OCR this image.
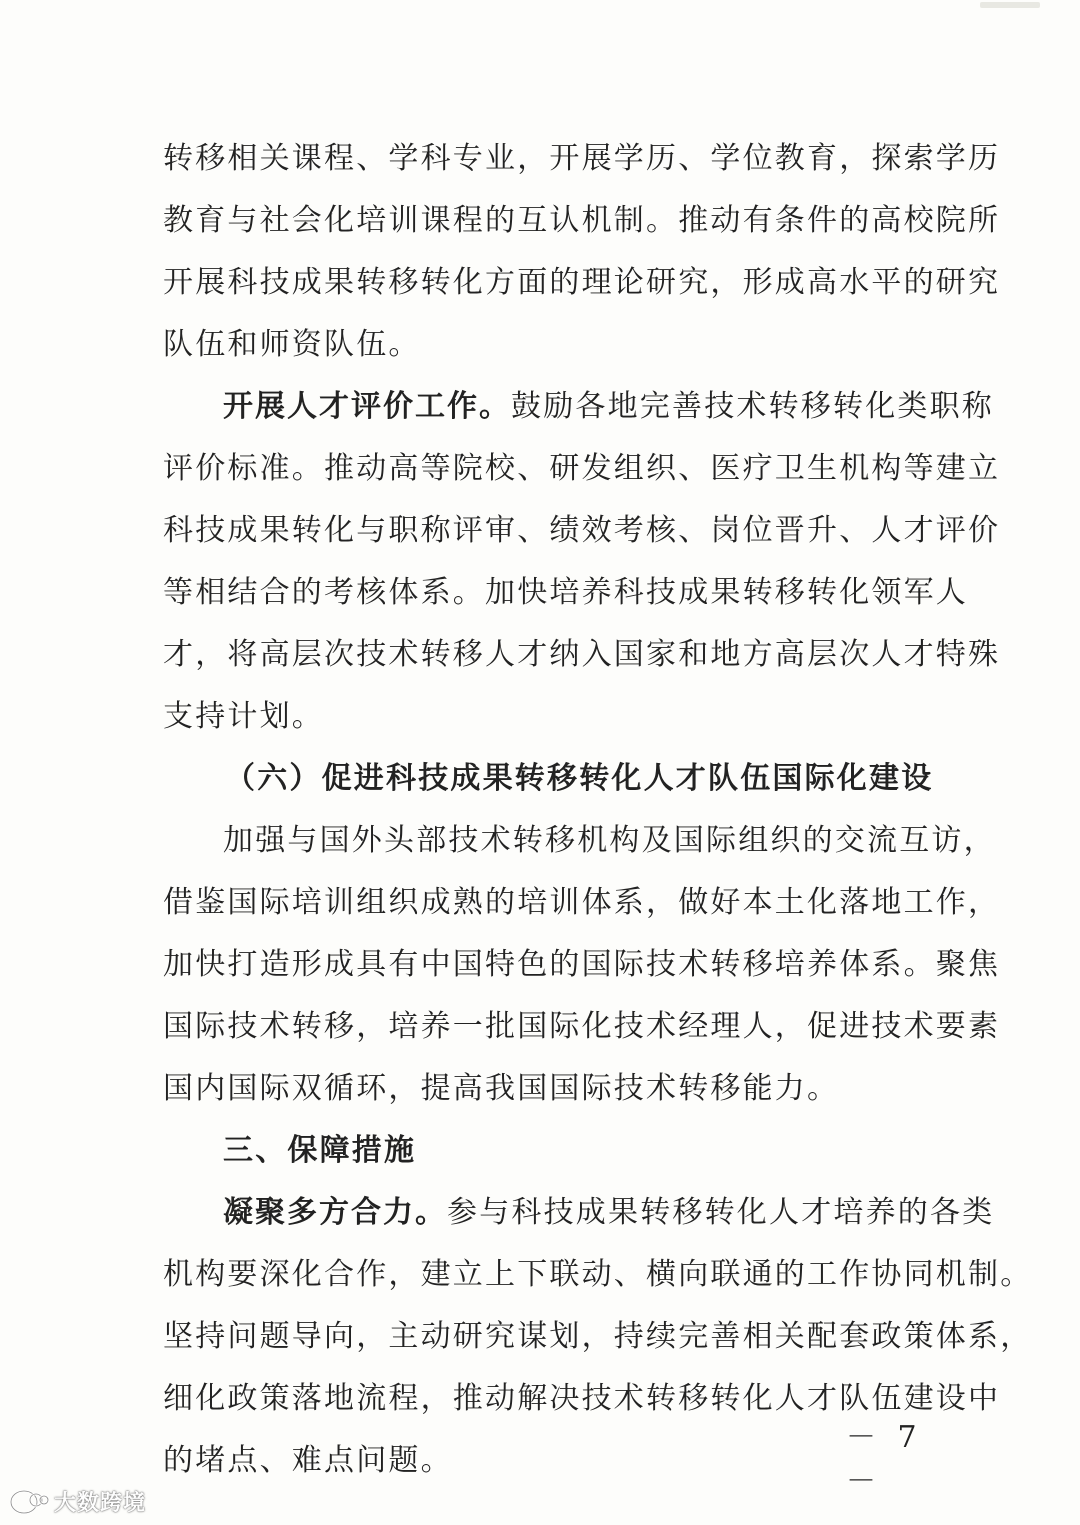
转移相关课程、学科专业，开展学历、学位教育，探索学历
教育与社会化培训课程的互认机制。推动有条件的高校院所
开展科技成果转移转化方面的理论研究，形成高水平的研究
队伍和师资队伍。
开展人才评价工作。鼓励各地完善技术转移转化类职称
评价标准。推动高等院校、研发组织、医疗卫生机构等建立
科技成果转化与职称评审、绩效考核、岗位晋升、人才评价
等相结合的考核体系。加快培养科技成果转移转化领军人
才，将高层次技术转移人才纳入国家和地方高层次人才特殊
支持计划。
（六）促进科技成果转移转化人才队伍国际化建设
加强与国外头部技术转移机构及国际组织的交流互访，
借鉴国际培训组织成熟的培训体系，做好本土化落地工作，
加快打造形成具有中国特色的国际技术转移培养体系。聚焦
国际技术转移，培养一批国际化技术经理人，促进技术要素
国内国际双循环，提高我国国际技术转移能力。
三、保障措施
凝聚多方合力。参与科技成果转移转化人才培养的各类
机构要深化合作，建立上下联动、横向联通的工作协同机制。
坚持问题导向，主动研究谋划，持续完善相关配套政策体系，
细化政策落地流程，推动解决技术转移转化人才队伍建设中
的堵点、难点问题。
－ 7 －
大数跨境
